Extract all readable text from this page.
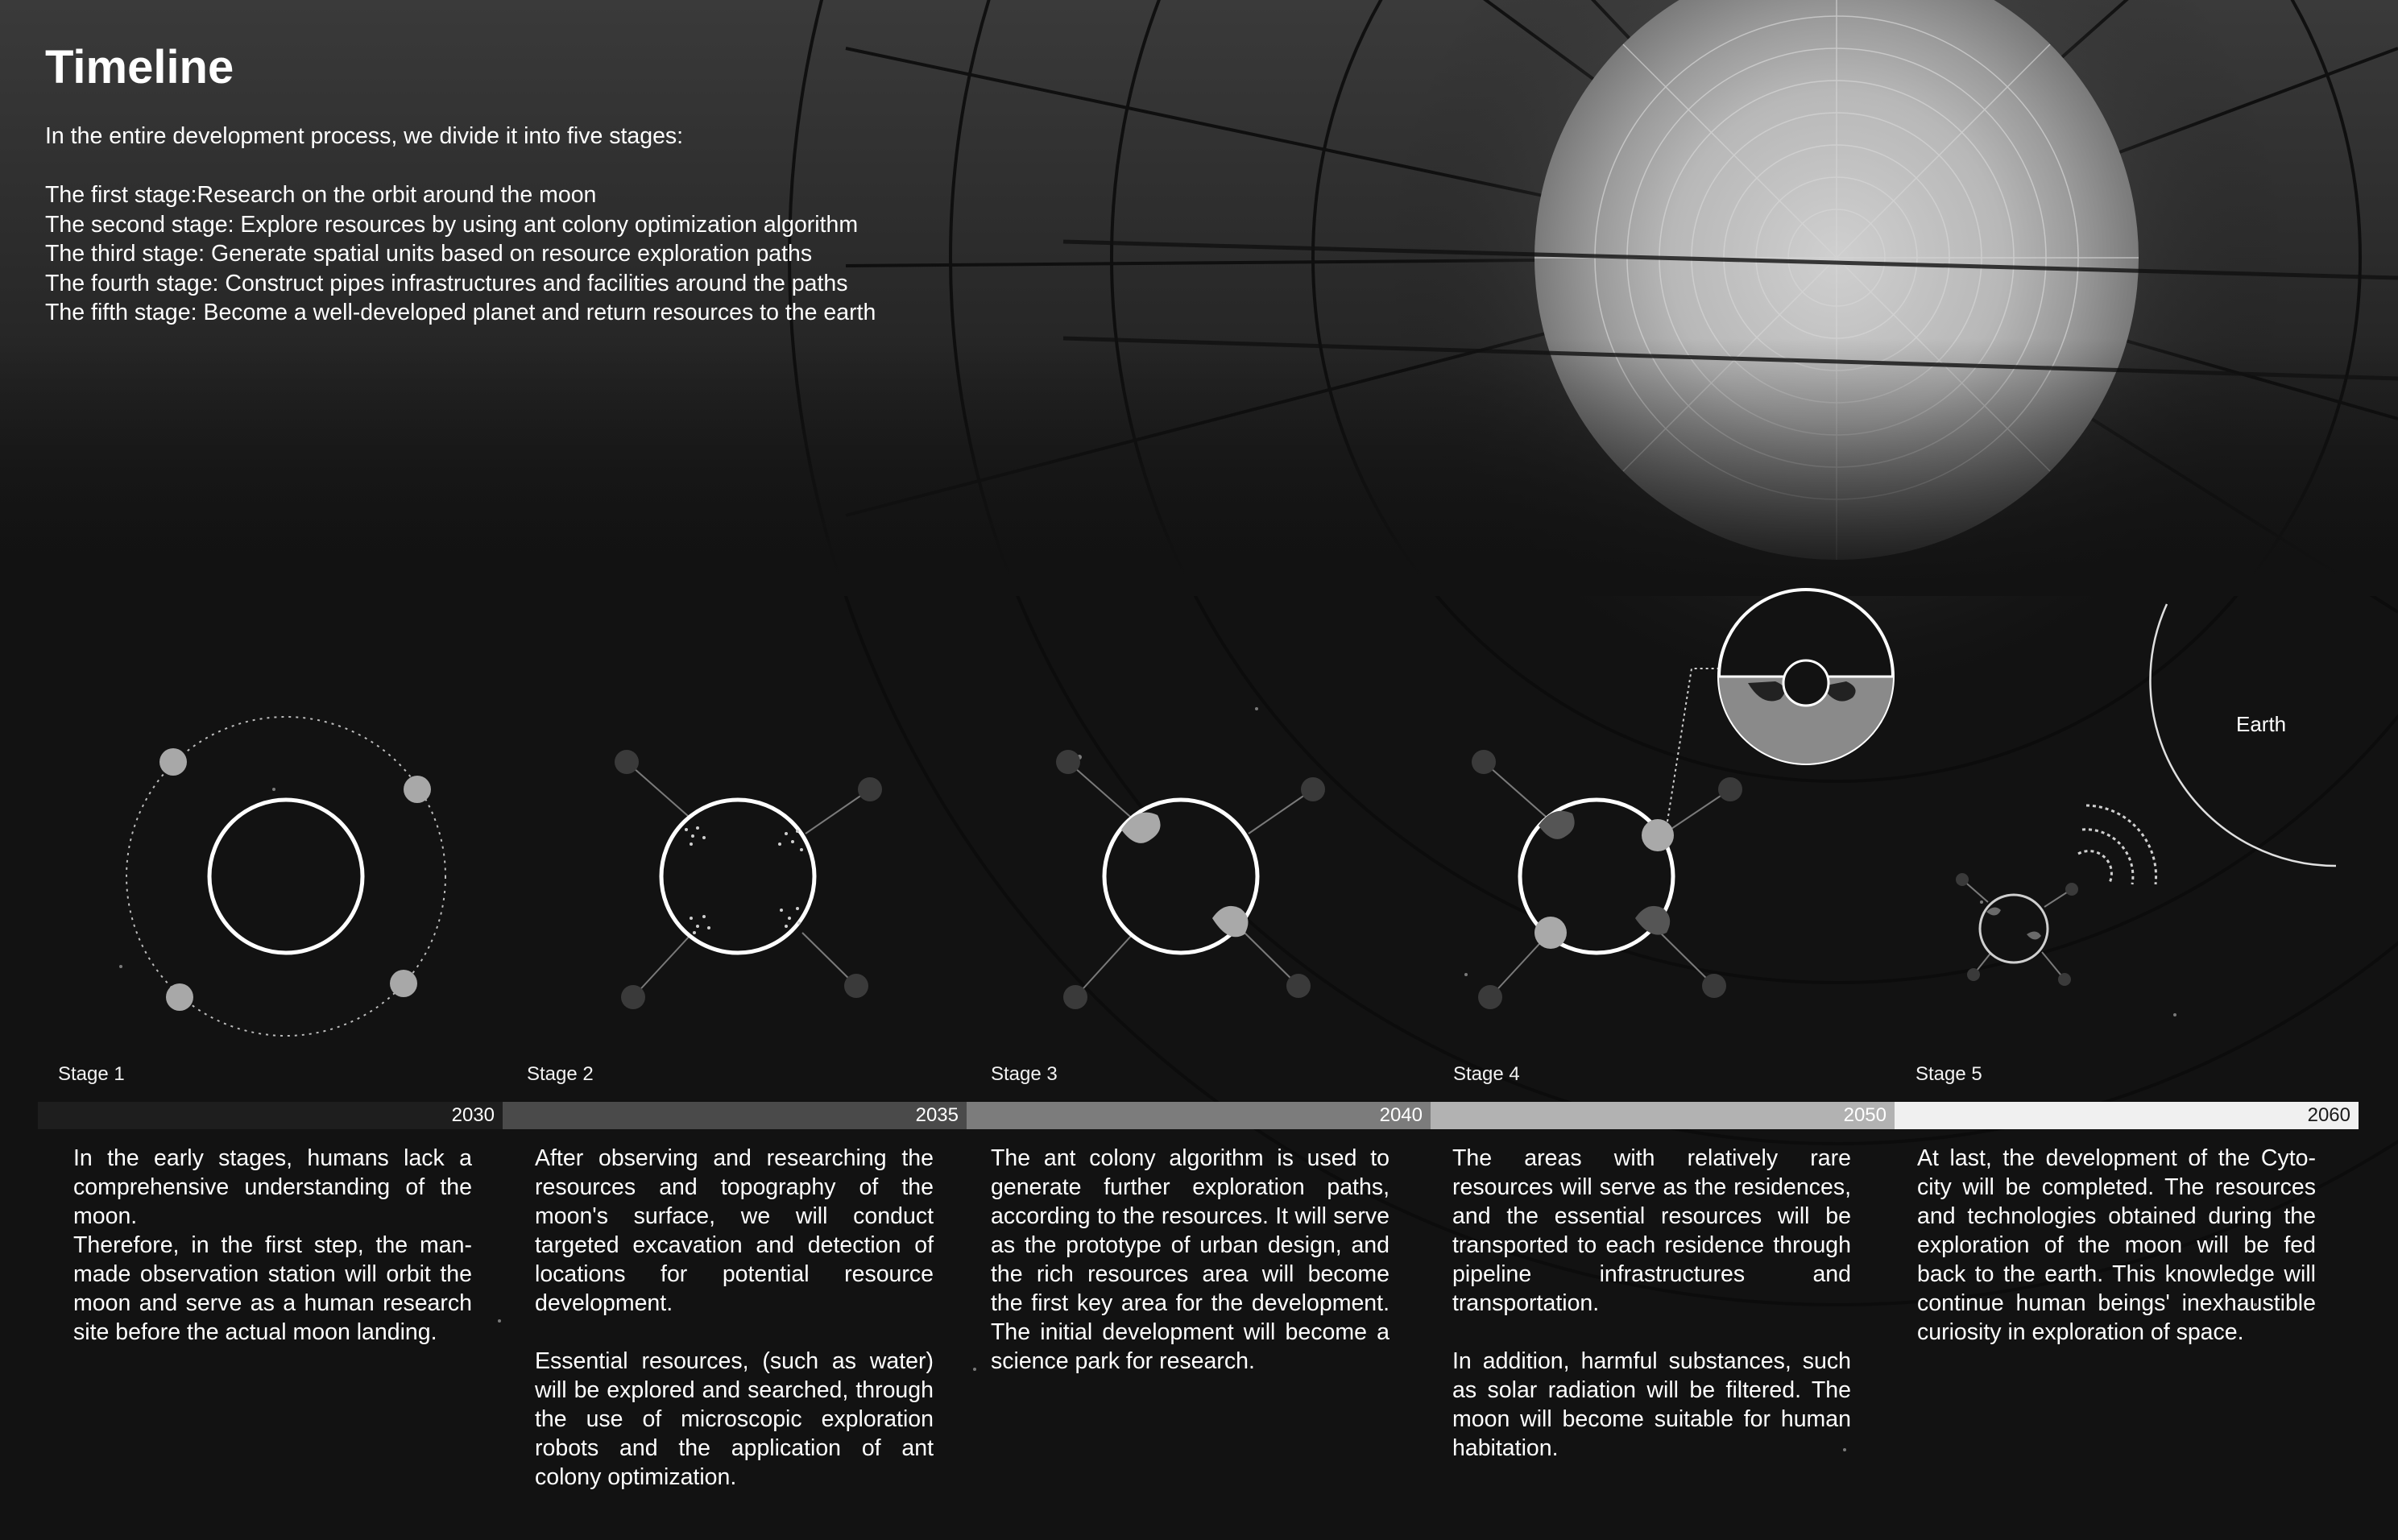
Timeline

In the entire development process, we divide it into five stages:

The first stage:Research on the orbit around the moon
The second stage: Explore resources by using ant colony optimization algorithm
The third stage: Generate spatial units based on resource exploration paths
The fourth stage: Construct pipes infrastructures and facilities around the paths
The fifth stage: Become a well-developed planet and return resources to the earth
Earth
Stage 1	Stage 2	Stage 3	Stage 4	Stage 5
2030	2035	2040	2050	2060

In the early stages, humans lack a comprehensive understanding of the moon.

Therefore, in the first step, the man-made observation station will orbit the moon and serve as a human research site before the actual moon landing.

After observing and researching the resources and topography of the moon's surface, we will conduct targeted excavation and detection of locations for potential resource development.

Essential resources, (such as water) will be explored and searched, through the use of microscopic exploration robots and the application of ant colony optimization.

The ant colony algorithm is used to generate further exploration paths, according to the resources. It will serve as the prototype of urban design, and the rich resources area will become the first key area for the development. The initial development will become a science park for research.

The areas with relatively rare resources will serve as the residences, and the essential resources will be transported to each residence through pipeline infrastructures and transportation.

In addition, harmful substances, such as solar radiation will be filtered. The moon will become suitable for human habitation.

At last, the development of the Cyto-city will be completed. The resources and technologies obtained during the exploration of the moon will be fed back to the earth. This knowledge will continue human beings' inexhaustible curiosity in exploration of space.
